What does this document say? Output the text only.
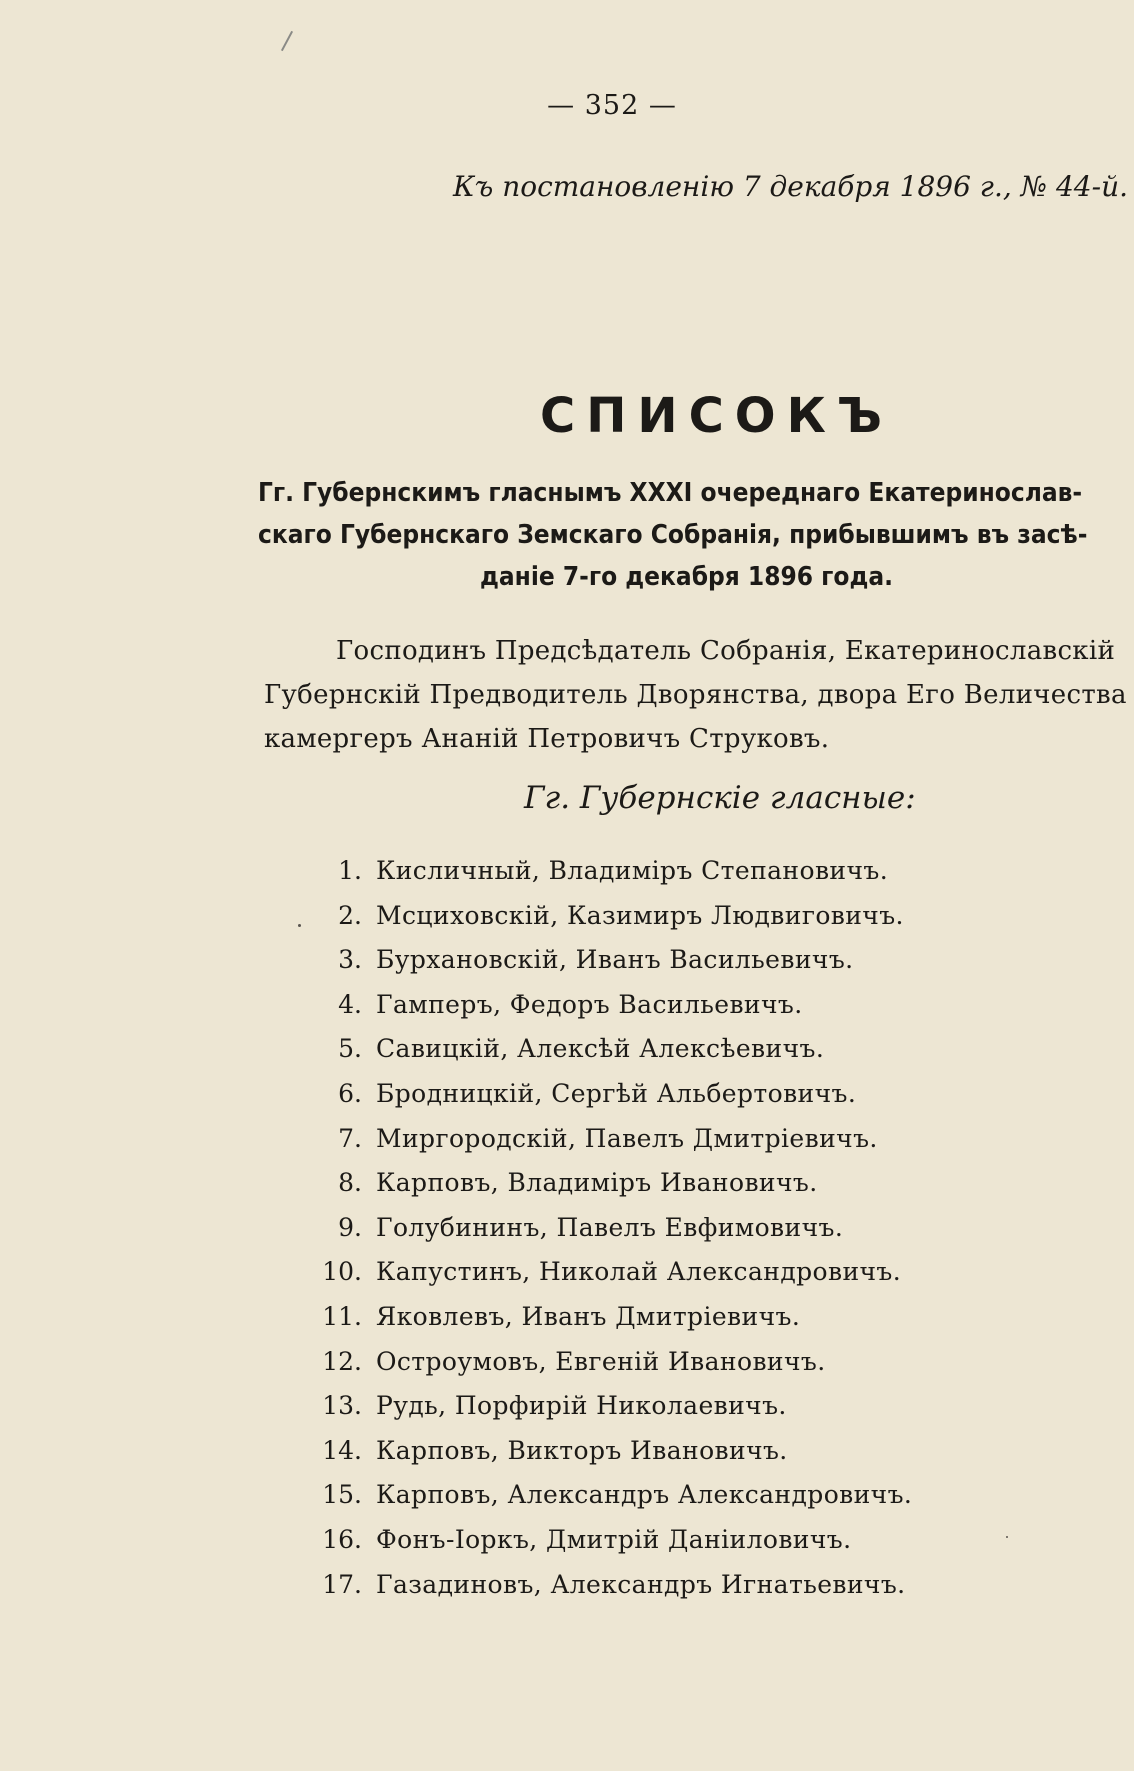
— 352 —
Къ постановленію 7 декабря 1896 г., № 44-й.
СПИСОКЪ
Гг. Губернскимъ гласнымъ XXXI очереднаго Екатеринослав-
скаго Губернскаго Земскаго Собранія, прибывшимъ въ засѣ-
даніе 7-го декабря 1896 года.
Господинъ Предсѣдатель Собранія, Екатеринославскій
Губернскій Предводитель Дворянства, двора Его Величества
камергеръ Ананій Петровичъ Струковъ.
Гг. Губернскіе гласные:
1. Кисличный, Владиміръ Степановичъ.
2. Мсциховскій, Казимиръ Людвиговичъ.
3. Бурхановскій, Иванъ Васильевичъ.
4. Гамперъ, Федоръ Васильевичъ.
5. Савицкій, Алексѣй Алексѣевичъ.
6. Бродницкій, Сергѣй Альбертовичъ.
7. Миргородскій, Павелъ Дмитріевичъ.
8. Карповъ, Владиміръ Ивановичъ.
9. Голубининъ, Павелъ Евфимовичъ.
10. Капустинъ, Николай Александровичъ.
11. Яковлевъ, Иванъ Дмитріевичъ.
12. Остроумовъ, Евгеній Ивановичъ.
13. Рудь, Порфирій Николаевичъ.
14. Карповъ, Викторъ Ивановичъ.
15. Карповъ, Александръ Александровичъ.
16. Фонъ-Іоркъ, Дмитрій Даніиловичъ.
17. Газадиновъ, Александръ Игнатьевичъ.
